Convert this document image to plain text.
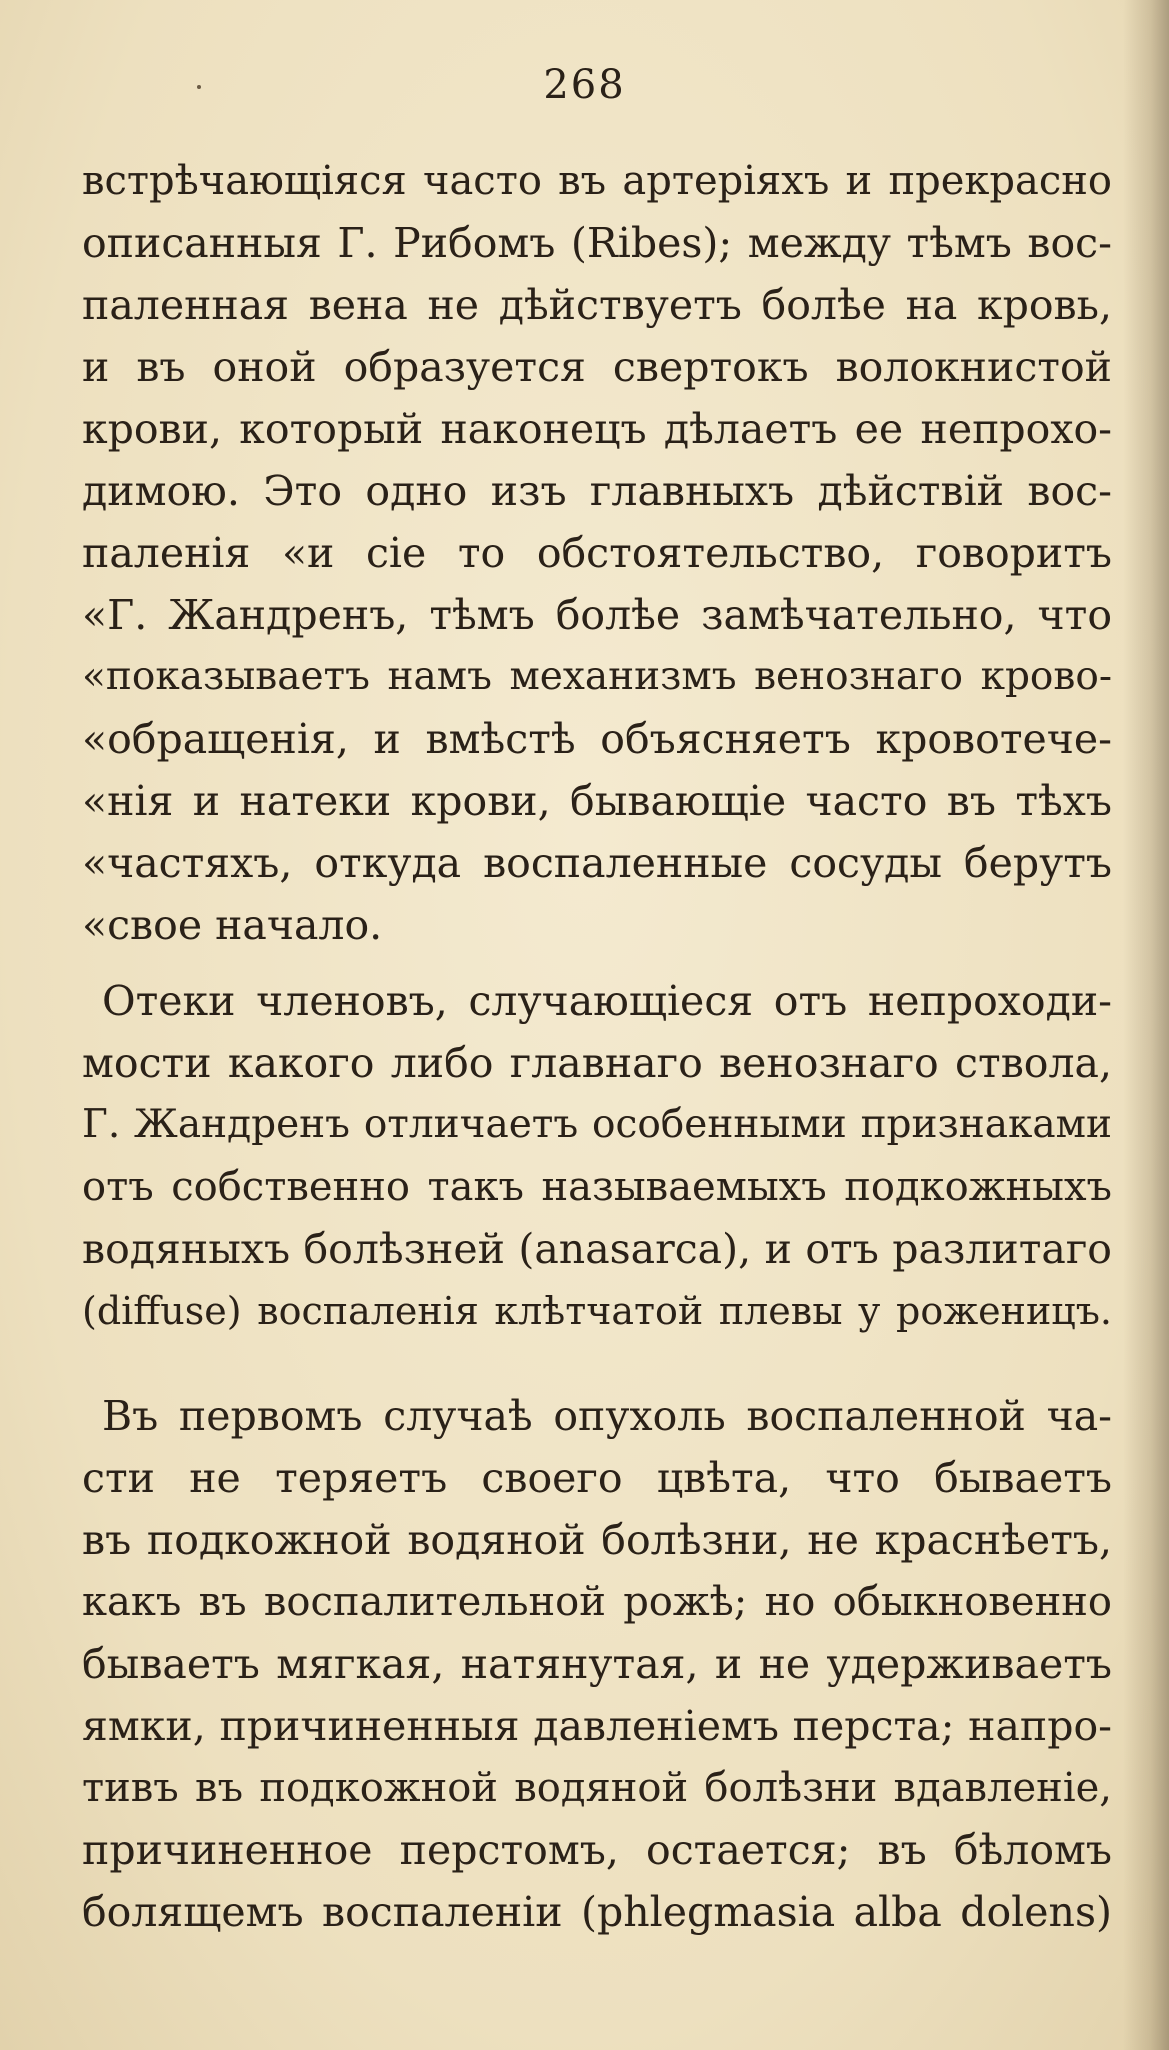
268
встрѣчающіяся часто въ артеріяхъ и прекрасно
описанныя Г. Рибомъ (Ribes); между тѣмъ вос-
паленная вена не дѣйствуетъ болѣе на кровь,
и въ оной образуется свертокъ волокнистой
крови, который наконецъ дѣлаетъ ее непрохо-
димою. Это одно изъ главныхъ дѣйствій вос-
паленія «и сіе то обстоятельство, говоритъ
«Г. Жандренъ, тѣмъ болѣе замѣчательно, что
«показываетъ намъ механизмъ венознаго крово-
«обращенія, и вмѣстѣ объясняетъ кровотече-
«нія и натеки крови, бывающіе часто въ тѣхъ
«частяхъ, откуда воспаленные сосуды берутъ
«свое начало.
Отеки членовъ, случающіеся отъ непроходи-
мости какого либо главнаго венознаго ствола,
Г. Жандренъ отличаетъ особенными признаками
отъ собственно такъ называемыхъ подкожныхъ
водяныхъ болѣзней (anasarca), и отъ разлитаго
(diffuse) воспаленія клѣтчатой плевы у роженицъ.
Въ первомъ случаѣ опухоль воспаленной ча-
сти не теряетъ своего цвѣта, что бываетъ
въ подкожной водяной болѣзни, не краснѣетъ,
какъ въ воспалительной рожѣ; но обыкновенно
бываетъ мягкая, натянутая, и не удерживаетъ
ямки, причиненныя давленіемъ перста; напро-
тивъ въ подкожной водяной болѣзни вдавленіе,
причиненное перстомъ, остается; въ бѣломъ
болящемъ воспаленіи (phlegmasia alba dolens)
